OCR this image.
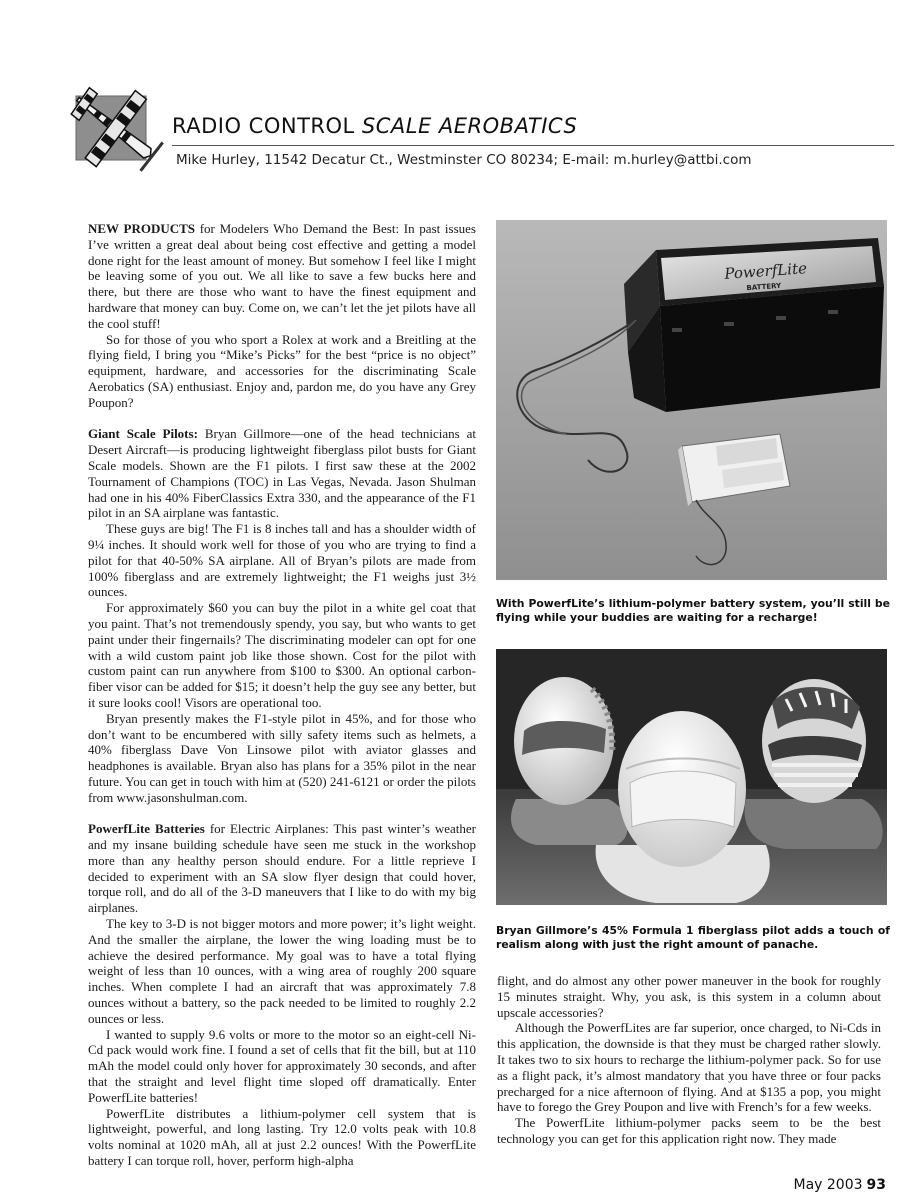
RADIO CONTROL SCALE AEROBATICS
Mike Hurley, 11542 Decatur Ct., Westminster CO 80234; E-mail: m.hurley@attbi.com

NEW PRODUCTS for Modelers Who Demand the Best: In past issues I’ve written a great deal about being cost effective and getting a model done right for the least amount of money. But somehow I feel like I might be leaving some of you out. We all like to save a few bucks here and there, but there are those who want to have the finest equipment and hardware that money can buy. Come on, we can’t let the jet pilots have all the cool stuff!

So for those of you who sport a Rolex at work and a Breitling at the flying field, I bring you “Mike’s Picks” for the best “price is no object” equipment, hardware, and accessories for the discriminating Scale Aerobatics (SA) enthusiast. Enjoy and, pardon me, do you have any Grey Poupon?

Giant Scale Pilots: Bryan Gillmore—one of the head technicians at Desert Aircraft—is producing lightweight fiberglass pilot busts for Giant Scale models. Shown are the F1 pilots. I first saw these at the 2002 Tournament of Champions (TOC) in Las Vegas, Nevada. Jason Shulman had one in his 40% FiberClassics Extra 330, and the appearance of the F1 pilot in an SA airplane was fantastic.

These guys are big! The F1 is 8 inches tall and has a shoulder width of 9¼ inches. It should work well for those of you who are trying to find a pilot for that 40-50% SA airplane. All of Bryan’s pilots are made from 100% fiberglass and are extremely lightweight; the F1 weighs just 3½ ounces.

For approximately $60 you can buy the pilot in a white gel coat that you paint. That’s not tremendously spendy, you say, but who wants to get paint under their fingernails? The discriminating modeler can opt for one with a wild custom paint job like those shown. Cost for the pilot with custom paint can run anywhere from $100 to $300. An optional carbon-fiber visor can be added for $15; it doesn’t help the guy see any better, but it sure looks cool! Visors are operational too.

Bryan presently makes the F1-style pilot in 45%, and for those who don’t want to be encumbered with silly safety items such as helmets, a 40% fiberglass Dave Von Linsowe pilot with aviator glasses and headphones is available. Bryan also has plans for a 35% pilot in the near future. You can get in touch with him at (520) 241-6121 or order the pilots from www.jasonshulman.com.

PowerfLite Batteries for Electric Airplanes: This past winter’s weather and my insane building schedule have seen me stuck in the workshop more than any healthy person should endure. For a little reprieve I decided to experiment with an SA slow flyer design that could hover, torque roll, and do all of the 3-D maneuvers that I like to do with my big airplanes.

The key to 3-D is not bigger motors and more power; it’s light weight. And the smaller the airplane, the lower the wing loading must be to achieve the desired performance. My goal was to have a total flying weight of less than 10 ounces, with a wing area of roughly 200 square inches. When complete I had an aircraft that was approximately 7.8 ounces without a battery, so the pack needed to be limited to roughly 2.2 ounces or less.

I wanted to supply 9.6 volts or more to the motor so an eight-cell Ni-Cd pack would work fine. I found a set of cells that fit the bill, but at 110 mAh the model could only hover for approximately 30 seconds, and after that the straight and level flight time sloped off dramatically. Enter PowerfLite batteries!

PowerfLite distributes a lithium-polymer cell system that is lightweight, powerful, and long lasting. Try 12.0 volts peak with 10.8 volts nominal at 1020 mAh, all at just 2.2 ounces! With the PowerfLite battery I can torque roll, hover, perform high-alpha

PowerfLite
BATTERY
CHARGER
With PowerfLite’s lithium-polymer battery system, you’ll still be flying while your buddies are waiting for a recharge!
Bryan Gillmore’s 45% Formula 1 fiberglass pilot adds a touch of realism along with just the right amount of panache.

flight, and do almost any other power maneuver in the book for roughly 15 minutes straight. Why, you ask, is this system in a column about upscale accessories?

Although the PowerfLites are far superior, once charged, to Ni-Cds in this application, the downside is that they must be charged rather slowly. It takes two to six hours to recharge the lithium-polymer pack. So for use as a flight pack, it’s almost mandatory that you have three or four packs precharged for a nice afternoon of flying. And at $135 a pop, you might have to forego the Grey Poupon and live with French’s for a few weeks.

The PowerfLite lithium-polymer packs seem to be the best technology you can get for this application right now. They made

May 2003 93
